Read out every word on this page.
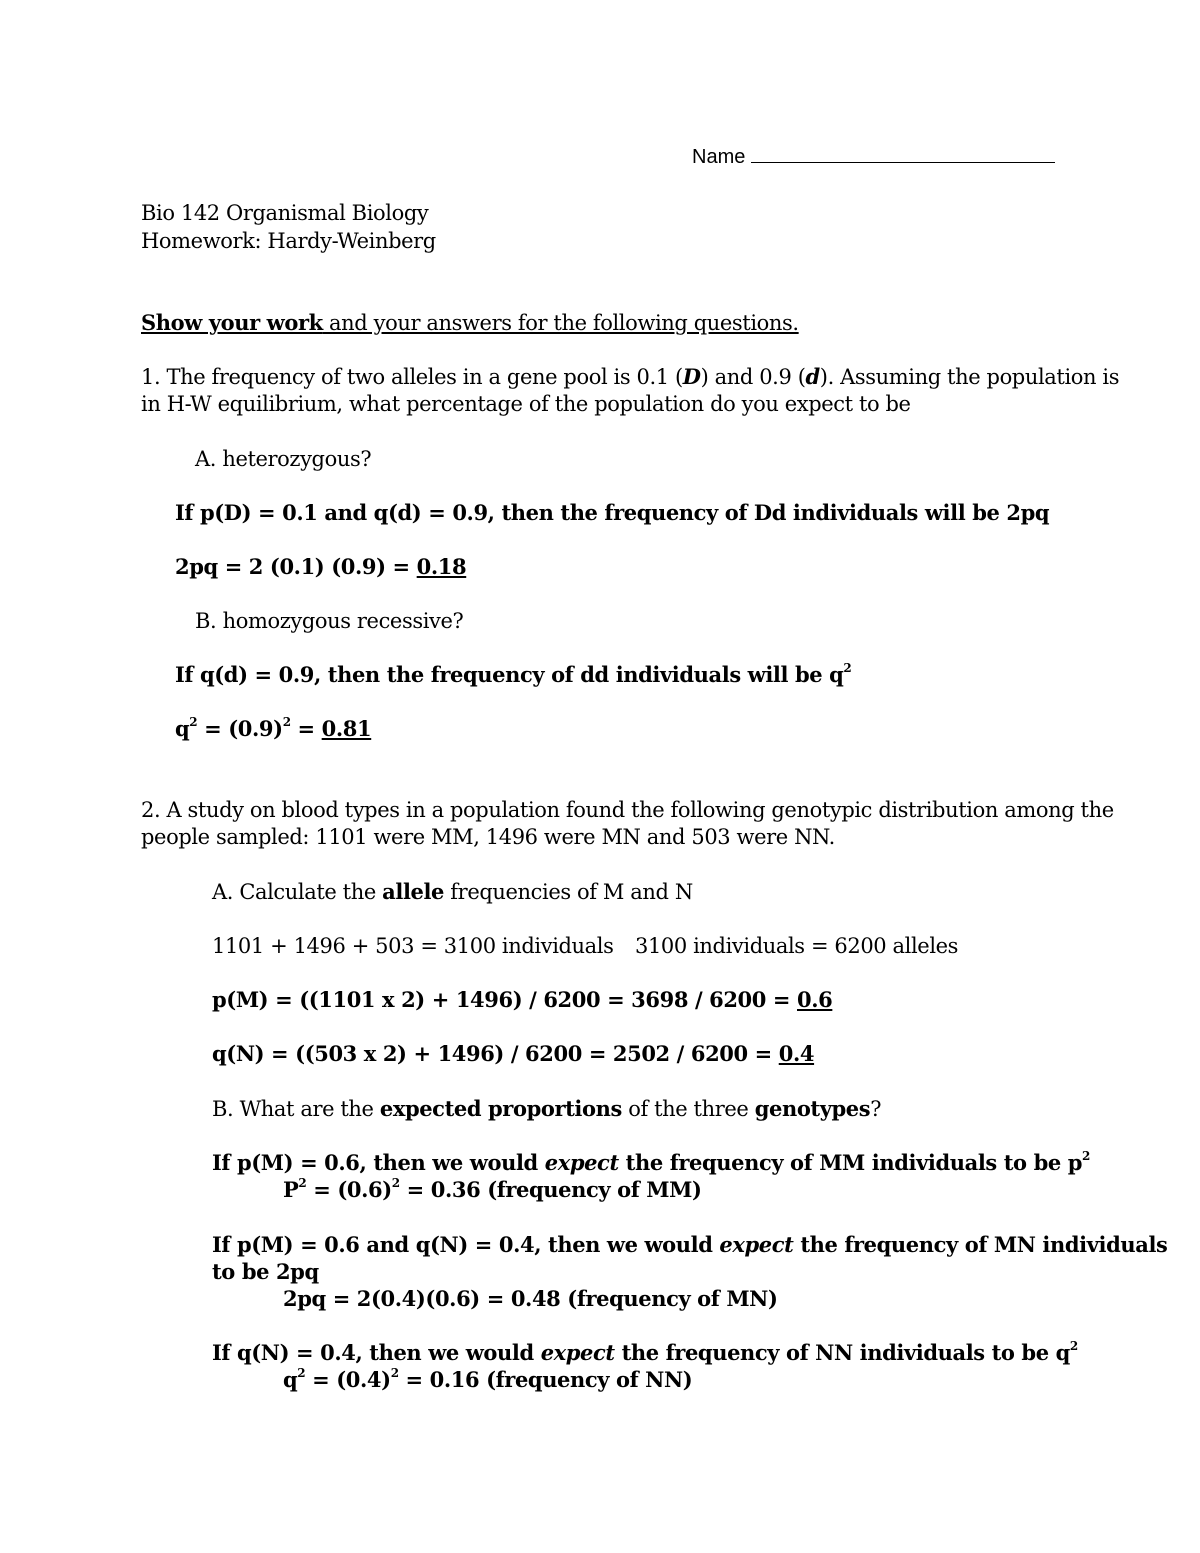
Name
Bio 142 Organismal Biology
Homework: Hardy-Weinberg
Show your work and your answers for the following questions.
1. The frequency of two alleles in a gene pool is 0.1 (D) and 0.9 (d). Assuming the population is
in H-W equilibrium, what percentage of the population do you expect to be
A. heterozygous?
If p(D) = 0.1 and q(d) = 0.9, then the frequency of Dd individuals will be 2pq
2pq = 2 (0.1) (0.9) = 0.18
B. homozygous recessive?
If q(d) = 0.9, then the frequency of dd individuals will be $q^2$
$q^2 = (0.9)^2 = 0.81$
2. A study on blood types in a population found the following genotypic distribution among the
people sampled: 1101 were MM, 1496 were MN and 503 were NN.
A. Calculate the allele frequencies of M and N
1101 + 1496 + 503 = 3100 individuals 3100 individuals = 6200 alleles
p(M) = ((1101 x 2) + 1496) / 6200 = 3698 / 6200 = 0.6
q(N) = ((503 x 2) + 1496) / 6200 = 2502 / 6200 = 0.4
B. What are the expected proportions of the three genotypes?
If p(M) = 0.6, then we would expect the frequency of MM individuals to be $p^2$
$P^2 = (0.6)^2 = 0.36$ (frequency of MM)
If p(M) = 0.6 and q(N) = 0.4, then we would expect the frequency of MN individuals
to be 2pq
2pq = 2(0.4)(0.6) = 0.48 (frequency of MN)
If q(N) = 0.4, then we would expect the frequency of NN individuals to be $q^2$
$q^2 = (0.4)^2 = 0.16$ (frequency of NN)
